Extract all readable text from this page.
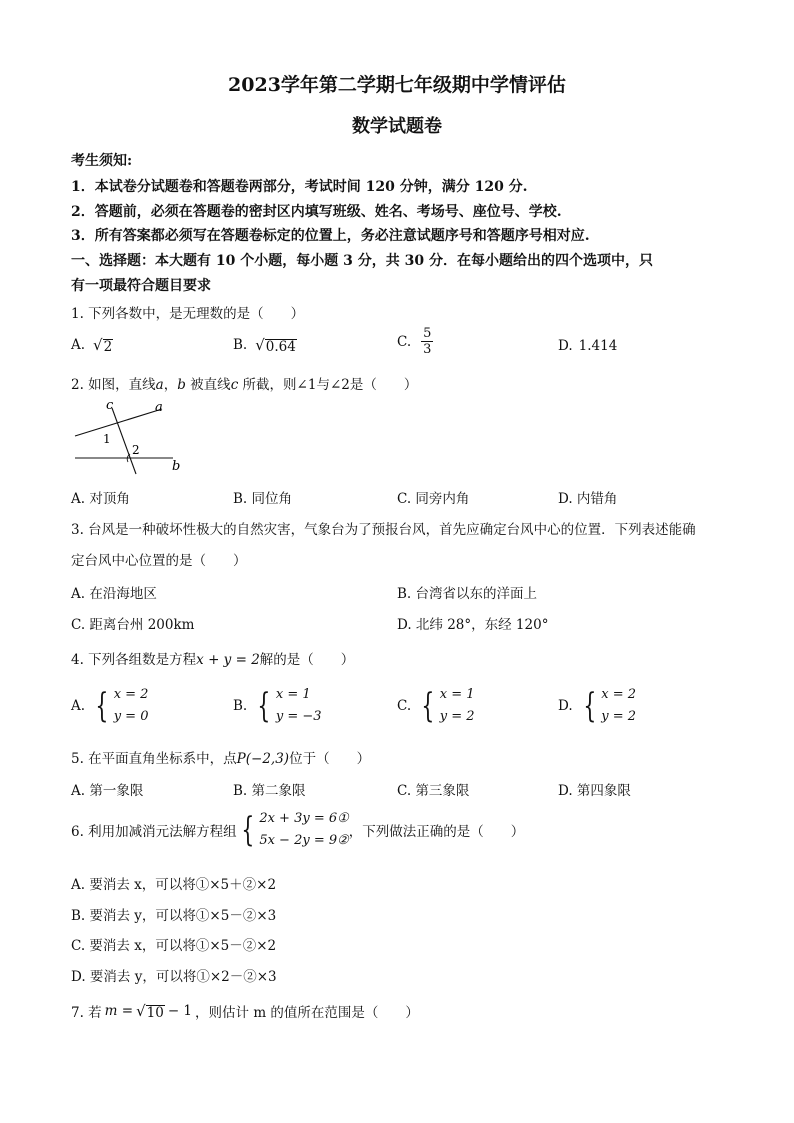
2023学年第二学期七年级期中学情评估
数学试题卷
考生须知:
1．本试卷分试题卷和答题卷两部分，考试时间 120 分钟，满分 120 分.
2．答题前，必须在答题卷的密封区内填写班级、姓名、考场号、座位号、学校.
3．所有答案都必须写在答题卷标定的位置上，务必注意试题序号和答题序号相对应.
一、选择题：本大题有 10 个小题，每小题 3 分，共 30 分．在每小题给出的四个选项中，只
有一项最符合题目要求
1. 下列各数中，是无理数的是（　　）
A. √ 2	B. √ 0.64	C. $\frac{5}{3}$	D. 1.414
2. 如图，直线a，b 被直线c 所截，则∠1与∠2是（　　）
c	a
b
1
2
A. 对顶角	B. 同位角	C. 同旁内角	D. 内错角
3. 台风是一种破坏性极大的自然灾害，气象台为了预报台风，首先应确定台风中心的位置．下列表述能确
定台风中心位置的是（　　）
A. 在沿海地区	B. 台湾省以东的洋面上
C. 距离台州 200km	D. 北纬 28°，东经 120°
4. 下列各组数是方程x + y = 2解的是（　　）
A. { x = 2
y = 0
B. { x = 1
y = −3
C. { x = 1
y = 2
D. { x = 2
y = 2
5. 在平面直角坐标系中，点P(−2,3)位于（　　）
A. 第一象限	B. 第二象限	C. 第三象限	D. 第四象限
6. 利用加减消元法解方程组 { 2x + 3y = 6①
5x − 2y = 9②
，下列做法正确的是（　　）
A. 要消去 x，可以将①×5＋②×2
B. 要消去 y，可以将①×5－②×3
C. 要消去 x，可以将①×5－②×2
D. 要消去 y，可以将①×2－②×3
7. 若 m = √ 10 − 1 ，则估计 m 的值所在范围是（　　）
